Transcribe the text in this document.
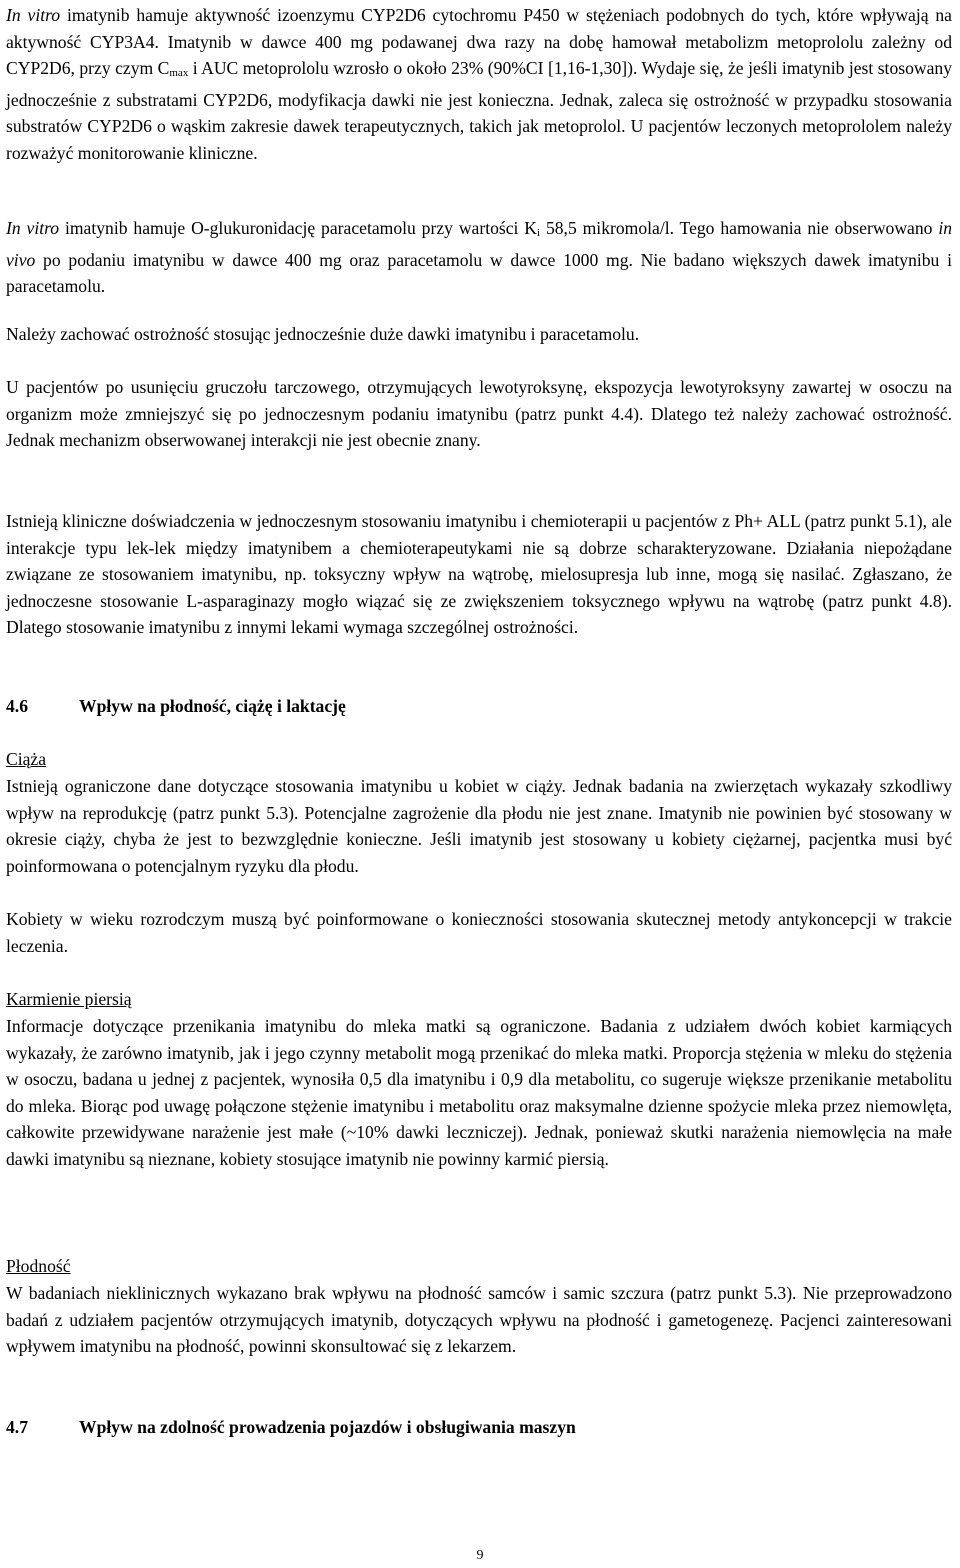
In vitro imatynib hamuje aktywność izoenzymu CYP2D6 cytochromu P450 w stężeniach podobnych do tych, które wpływają na aktywność CYP3A4. Imatynib w dawce 400 mg podawanej dwa razy na dobę hamował metabolizm metoprololu zależny od CYP2D6, przy czym Cmax i AUC metoprololu wzrosło o około 23% (90%CI [1,16-1,30]). Wydaje się, że jeśli imatynib jest stosowany jednocześnie z substratami CYP2D6, modyfikacja dawki nie jest konieczna. Jednak, zaleca się ostrożność w przypadku stosowania substratów CYP2D6 o wąskim zakresie dawek terapeutycznych, takich jak metoprolol. U pacjentów leczonych metoprololem należy rozważyć monitorowanie kliniczne.

In vitro imatynib hamuje O-glukuronidację paracetamolu przy wartości Ki 58,5 mikromola/l. Tego hamowania nie obserwowano in vivo po podaniu imatynibu w dawce 400 mg oraz paracetamolu w dawce 1000 mg. Nie badano większych dawek imatynibu i paracetamolu.

Należy zachować ostrożność stosując jednocześnie duże dawki imatynibu i paracetamolu.

U pacjentów po usunięciu gruczołu tarczowego, otrzymujących lewotyroksynę, ekspozycja lewotyroksyny zawartej w osoczu na organizm może zmniejszyć się po jednoczesnym podaniu imatynibu (patrz punkt 4.4). Dlatego też należy zachować ostrożność. Jednak mechanizm obserwowanej interakcji nie jest obecnie znany.

Istnieją kliniczne doświadczenia w jednoczesnym stosowaniu imatynibu i chemioterapii u pacjentów z Ph+ ALL (patrz punkt 5.1), ale interakcje typu lek-lek między imatynibem a chemioterapeutykami nie są dobrze scharakteryzowane. Działania niepożądane związane ze stosowaniem imatynibu, np. toksyczny wpływ na wątrobę, mielosupresja lub inne, mogą się nasilać. Zgłaszano, że jednoczesne stosowanie L-asparaginazy mogło wiązać się ze zwiększeniem toksycznego wpływu na wątrobę (patrz punkt 4.8). Dlatego stosowanie imatynibu z innymi lekami wymaga szczególnej ostrożności.

4.6	Wpływ na płodność, ciążę i laktację

Ciąża

Istnieją ograniczone dane dotyczące stosowania imatynibu u kobiet w ciąży. Jednak badania na zwierzętach wykazały szkodliwy wpływ na reprodukcję (patrz punkt 5.3). Potencjalne zagrożenie dla płodu nie jest znane. Imatynib nie powinien być stosowany w okresie ciąży, chyba że jest to bezwzględnie konieczne. Jeśli imatynib jest stosowany u kobiety ciężarnej, pacjentka musi być poinformowana o potencjalnym ryzyku dla płodu.

Kobiety w wieku rozrodczym muszą być poinformowane o konieczności stosowania skutecznej metody antykoncepcji w trakcie leczenia.

Karmienie piersią

Informacje dotyczące przenikania imatynibu do mleka matki są ograniczone. Badania z udziałem dwóch kobiet karmiących wykazały, że zarówno imatynib, jak i jego czynny metabolit mogą przenikać do mleka matki. Proporcja stężenia w mleku do stężenia w osoczu, badana u jednej z pacjentek, wynosiła 0,5 dla imatynibu i 0,9 dla metabolitu, co sugeruje większe przenikanie metabolitu do mleka. Biorąc pod uwagę połączone stężenie imatynibu i metabolitu oraz maksymalne dzienne spożycie mleka przez niemowlęta, całkowite przewidywane narażenie jest małe (~10% dawki leczniczej). Jednak, ponieważ skutki narażenia niemowlęcia na małe dawki imatynibu są nieznane, kobiety stosujące imatynib nie powinny karmić piersią.

Płodność

W badaniach nieklinicznych wykazano brak wpływu na płodność samców i samic szczura (patrz punkt 5.3). Nie przeprowadzono badań z udziałem pacjentów otrzymujących imatynib, dotyczących wpływu na płodność i gametogenezę. Pacjenci zainteresowani wpływem imatynibu na płodność, powinni skonsultować się z lekarzem.

4.7	Wpływ na zdolność prowadzenia pojazdów i obsługiwania maszyn
9
